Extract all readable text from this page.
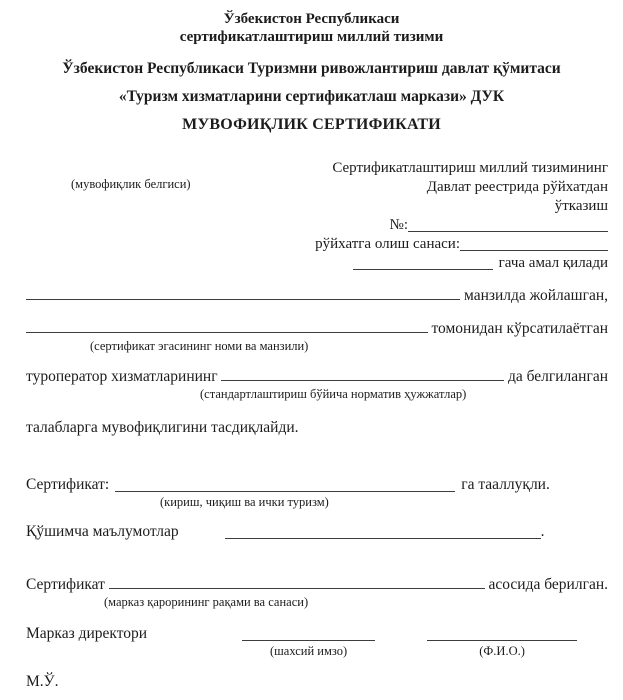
Ўзбекистон Республикаси
сертификатлаштириш миллий тизими
Ўзбекистон Республикаси Туризмни ривожлантириш давлат қўмитаси
«Туризм хизматларини сертификатлаш маркази» ДУК
МУВОФИҚЛИК СЕРТИФИКАТИ
(мувофиқлик белгиси)
Сертификатлаштириш миллий тизимининг
Давлат реестрида рўйхатдан
ўтказиш
№:
рўйхатга олиш санаси:
гача амал қилади
манзилда жойлашган,
томонидан кўрсатилаётган
(сертификат эгасининг номи ва манзили)
туроператор хизматларининг	да белгиланган
(стандартлаштириш бўйича норматив ҳужжатлар)
талабларга мувофиқлигини тасдиқлайди.
Сертификат:	га тааллуқли.
(кириш, чиқиш ва ички туризм)
Қўшимча маълумотлар	.
Сертификат	асосида берилган.
(марказ қарорининг рақами ва санаси)
Марказ директори
(шахсий имзо)	(Ф.И.О.)
М.Ў.
